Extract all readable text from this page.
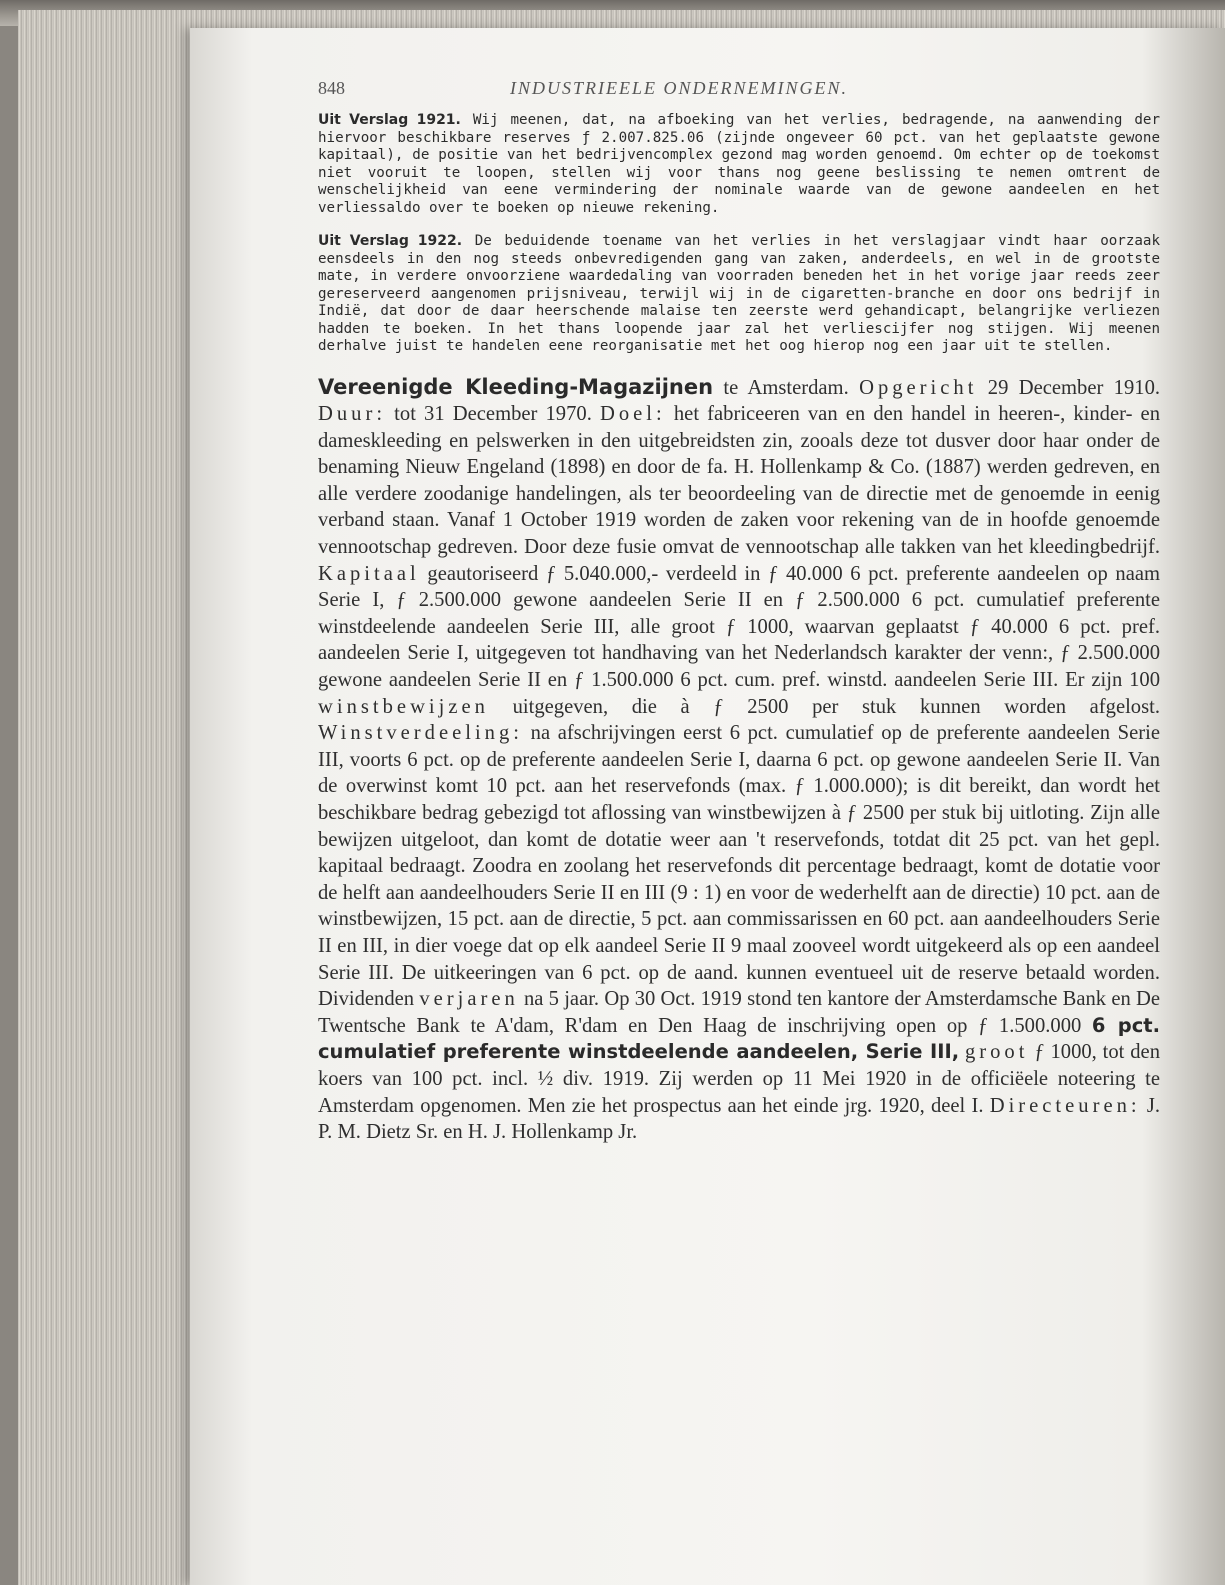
848	INDUSTRIEELE ONDERNEMINGEN.

Uit Verslag 1921. Wij meenen, dat, na afboeking van het verlies, bedragende, na aanwending der hiervoor beschikbare reserves ƒ 2.007.825.06 (zijnde ongeveer 60 pct. van het geplaatste gewone kapitaal), de positie van het bedrijvencomplex gezond mag worden genoemd. Om echter op de toekomst niet vooruit te loopen, stellen wij voor thans nog geene beslissing te nemen omtrent de wenschelijkheid van eene vermindering der nominale waarde van de gewone aandeelen en het verliessaldo over te boeken op nieuwe rekening.

Uit Verslag 1922. De beduidende toename van het verlies in het verslagjaar vindt haar oorzaak eensdeels in den nog steeds onbevredigenden gang van zaken, anderdeels, en wel in de grootste mate, in verdere onvoorziene waardedaling van voorraden beneden het in het vorige jaar reeds zeer gereserveerd aangenomen prijsniveau, terwijl wij in de cigaretten-branche en door ons bedrijf in Indië, dat door de daar heerschende malaise ten zeerste werd gehandicapt, belangrijke verliezen hadden te boeken. In het thans loopende jaar zal het verliescijfer nog stijgen. Wij meenen derhalve juist te handelen eene reorganisatie met het oog hierop nog een jaar uit te stellen.

Vereenigde Kleeding-Magazijnen te Amsterdam. Opgericht 29 December 1910. Duur: tot 31 December 1970. Doel: het fabriceeren van en den handel in heeren-, kinder- en dameskleeding en pelswerken in den uitgebreidsten zin, zooals deze tot dusver door haar onder de benaming Nieuw Engeland (1898) en door de fa. H. Hollenkamp & Co. (1887) werden gedreven, en alle verdere zoodanige handelingen, als ter beoordeeling van de directie met de genoemde in eenig verband staan. Vanaf 1 October 1919 worden de zaken voor rekening van de in hoofde genoemde vennootschap gedreven. Door deze fusie omvat de vennootschap alle takken van het kleedingbedrijf. Kapitaal geautoriseerd ƒ 5.040.000,- verdeeld in ƒ 40.000 6 pct. preferente aandeelen op naam Serie I, ƒ 2.500.000 gewone aandeelen Serie II en ƒ 2.500.000 6 pct. cumulatief preferente winstdeelende aandeelen Serie III, alle groot ƒ 1000, waarvan geplaatst ƒ 40.000 6 pct. pref. aandeelen Serie I, uitgegeven tot handhaving van het Nederlandsch karakter der venn:, ƒ 2.500.000 gewone aandeelen Serie II en ƒ 1.500.000 6 pct. cum. pref. winstd. aandeelen Serie III. Er zijn 100 winstbewijzen uitgegeven, die à ƒ 2500 per stuk kunnen worden afgelost. Winstverdeeling: na afschrijvingen eerst 6 pct. cumulatief op de preferente aandeelen Serie III, voorts 6 pct. op de preferente aandeelen Serie I, daarna 6 pct. op gewone aandeelen Serie II. Van de overwinst komt 10 pct. aan het reservefonds (max. ƒ 1.000.000); is dit bereikt, dan wordt het beschikbare bedrag gebezigd tot aflossing van winstbewijzen à ƒ 2500 per stuk bij uitloting. Zijn alle bewijzen uitgeloot, dan komt de dotatie weer aan 't reservefonds, totdat dit 25 pct. van het gepl. kapitaal bedraagt. Zoodra en zoolang het reservefonds dit percentage bedraagt, komt de dotatie voor de helft aan aandeelhouders Serie II en III (9 : 1) en voor de wederhelft aan de directie) 10 pct. aan de winstbewijzen, 15 pct. aan de directie, 5 pct. aan commissarissen en 60 pct. aan aandeelhouders Serie II en III, in dier voege dat op elk aandeel Serie II 9 maal zooveel wordt uitgekeerd als op een aandeel Serie III. De uitkeeringen van 6 pct. op de aand. kunnen eventueel uit de reserve betaald worden. Dividenden verjaren na 5 jaar. Op 30 Oct. 1919 stond ten kantore der Amsterdamsche Bank en De Twentsche Bank te A'dam, R'dam en Den Haag de inschrijving open op ƒ 1.500.000 6 pct. cumulatief preferente winstdeelende aandeelen, Serie III, groot ƒ 1000, tot den koers van 100 pct. incl. ½ div. 1919. Zij werden op 11 Mei 1920 in de officiëele noteering te Amsterdam opgenomen. Men zie het prospectus aan het einde jrg. 1920, deel I. Directeuren: J. P. M. Dietz Sr. en H. J. Hollenkamp Jr.
